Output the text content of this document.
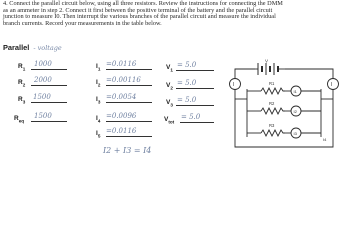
4. Connect the parallel circuit below, using all three resistors. Review the instructions for connecting the DMM
as an ammeter in step 2. Connect it first between the positive terminal of the battery and the parallel circuit
junction to measure I0. Then interrupt the various branches of the parallel circuit and measure the individual
branch currents. Record your measurements in the table below.
Parallel - voltage
$R_1$
1000
$R_2$
2000
$R_3$
1500
$R_{eq}$
1500
$I_1$
=0.0116
$I_2$
=0.00116
$I_3$
=0.0054
$I_4$
=0.0096
$I_5$
=0.0116
I2 + I3 = I4
$V_1$
= 5.0
$V_2$
= 5.0
$V_3$
= 5.0
$V_{tot}$
= 5.0
V
I	I
R1
R2
R3
I1
I2
I3
I4
